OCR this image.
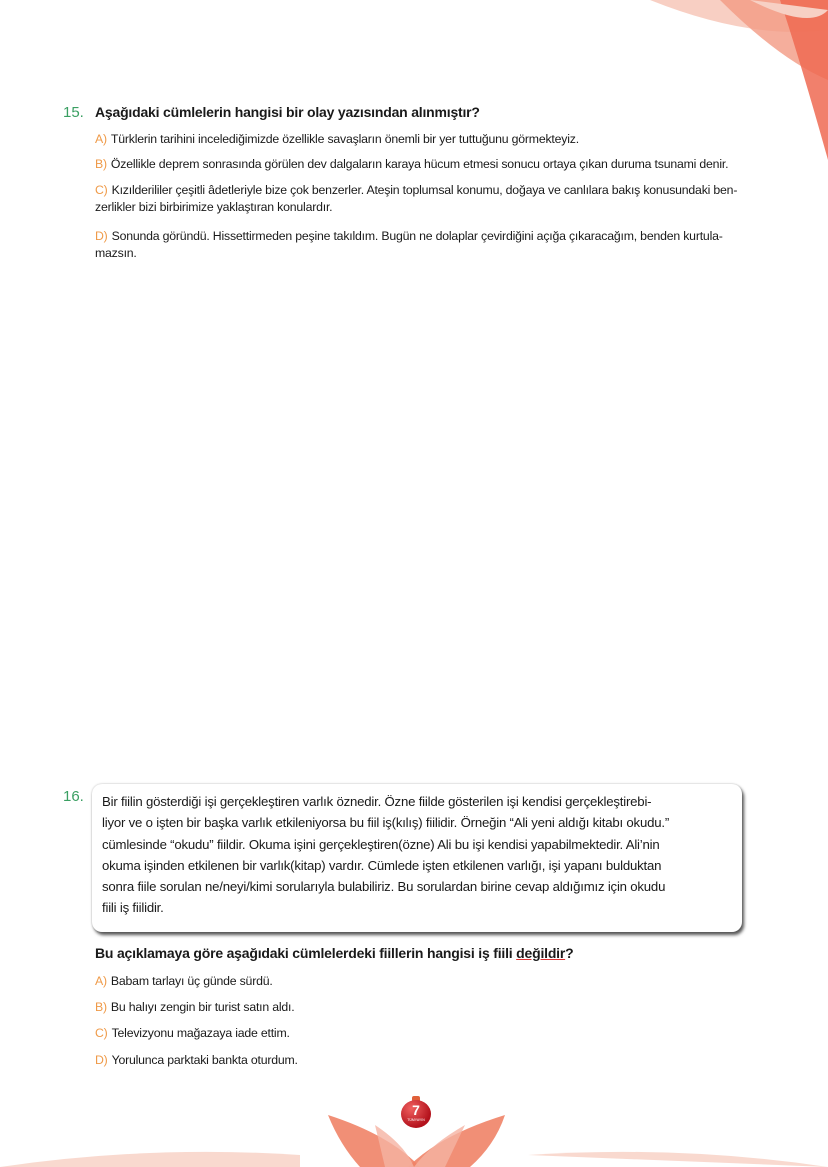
15. Aşağıdaki cümlelerin hangisi bir olay yazısından alınmıştır?
A) Türklerin tarihini incelediğimizde özellikle savaşların önemli bir yer tuttuğunu görmekteyiz.
B) Özellikle deprem sonrasında görülen dev dalgaların karaya hücum etmesi sonucu ortaya çıkan duruma tsunami denir.
C) Kızılderililer çeşitli âdetleriyle bize çok benzerler. Ateşin toplumsal konumu, doğaya ve canlılara bakış konusundaki ben-
zerlikler bizi birbirimize yaklaştıran konulardır.
D) Sonunda göründü. Hissettirmeden peşine takıldım. Bugün ne dolaplar çevirdiğini açığa çıkaracağım, benden kurtula-
mazsın.
16. Bir fiilin gösterdiği işi gerçekleştiren varlık öznedir. Özne fiilde gösterilen işi kendisi gerçekleştirebi-
liyor ve o işten bir başka varlık etkileniyorsa bu fiil iş(kılış) fiilidir. Örneğin “Ali yeni aldığı kitabı okudu.”
cümlesinde “okudu” fiildir. Okuma işini gerçekleştiren(özne) Ali bu işi kendisi yapabilmektedir. Ali’nin
okuma işinden etkilenen bir varlık(kitap) vardır. Cümlede işten etkilenen varlığı, işi yapanı bulduktan
sonra fiile sorulan ne/neyi/kimi sorularıyla bulabiliriz. Bu sorulardan birine cevap aldığımız için okudu
fiili iş fiilidir.
Bu açıklamaya göre aşağıdaki cümlelerdeki fiillerin hangisi iş fiili değildir?
A) Babam tarlayı üç günde sürdü.
B) Bu halıyı zengin bir turist satın aldı.
C) Televizyonu mağazaya iade ettim.
D) Yorulunca parktaki bankta oturdum.
7
TÜMYAYIN
